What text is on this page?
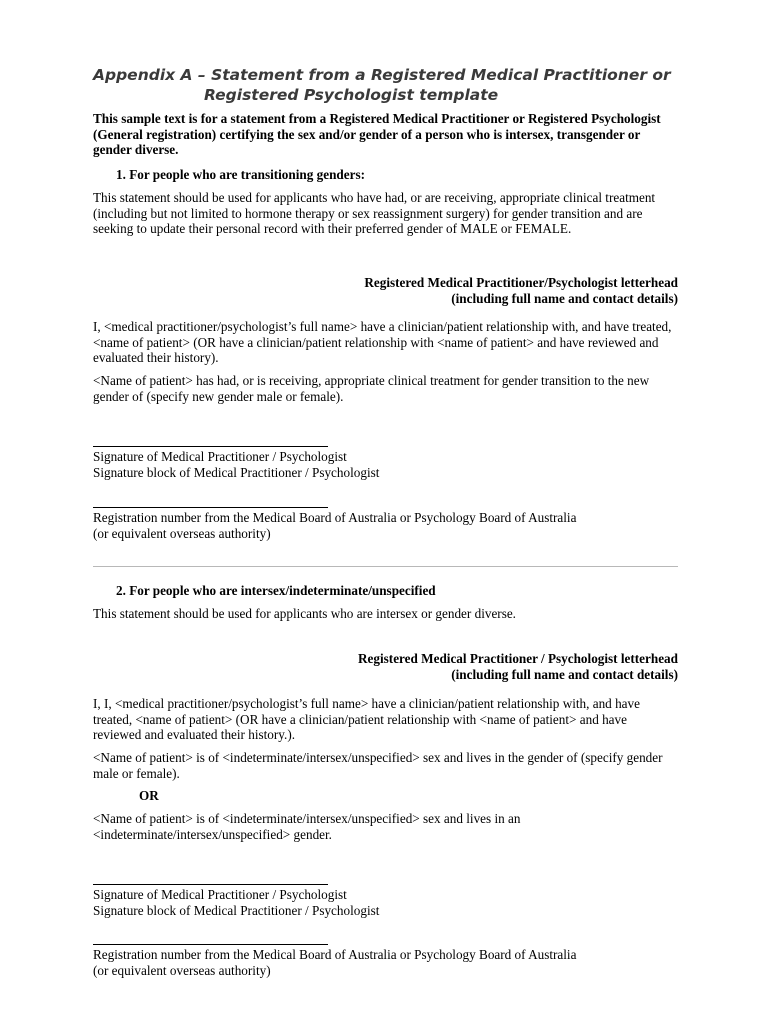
Appendix A – Statement from a Registered Medical Practitioner or

Registered Psychologist template

This sample text is for a statement from a Registered Medical Practitioner or Registered Psychologist (General registration) certifying the sex and/or gender of a person who is intersex, transgender or gender diverse.

1. For people who are transitioning genders:

This statement should be used for applicants who have had, or are receiving, appropriate clinical treatment (including but not limited to hormone therapy or sex reassignment surgery) for gender transition and are seeking to update their personal record with their preferred gender of MALE or FEMALE.

Registered Medical Practitioner/Psychologist letterhead

(including full name and contact details)

I, <medical practitioner/psychologist’s full name> have a clinician/patient relationship with, and have treated, <name of patient> (OR have a clinician/patient relationship with <name of patient> and have reviewed and evaluated their history).

<Name of patient> has had, or is receiving, appropriate clinical treatment for gender transition to the new gender of (specify new gender male or female).

Signature of Medical Practitioner / Psychologist

Signature block of Medical Practitioner / Psychologist

Registration number from the Medical Board of Australia or Psychology Board of Australia

(or equivalent overseas authority)

2. For people who are intersex/indeterminate/unspecified

This statement should be used for applicants who are intersex or gender diverse.

Registered Medical Practitioner / Psychologist letterhead

(including full name and contact details)

I, I, <medical practitioner/psychologist’s full name> have a clinician/patient relationship with, and have treated, <name of patient> (OR have a clinician/patient relationship with <name of patient> and have reviewed and evaluated their history.).

<Name of patient> is of <indeterminate/intersex/unspecified> sex and lives in the gender of (specify gender male or female).

OR

<Name of patient> is of <indeterminate/intersex/unspecified> sex and lives in an <indeterminate/intersex/unspecified> gender.

Signature of Medical Practitioner / Psychologist

Signature block of Medical Practitioner / Psychologist

Registration number from the Medical Board of Australia or Psychology Board of Australia

(or equivalent overseas authority)
